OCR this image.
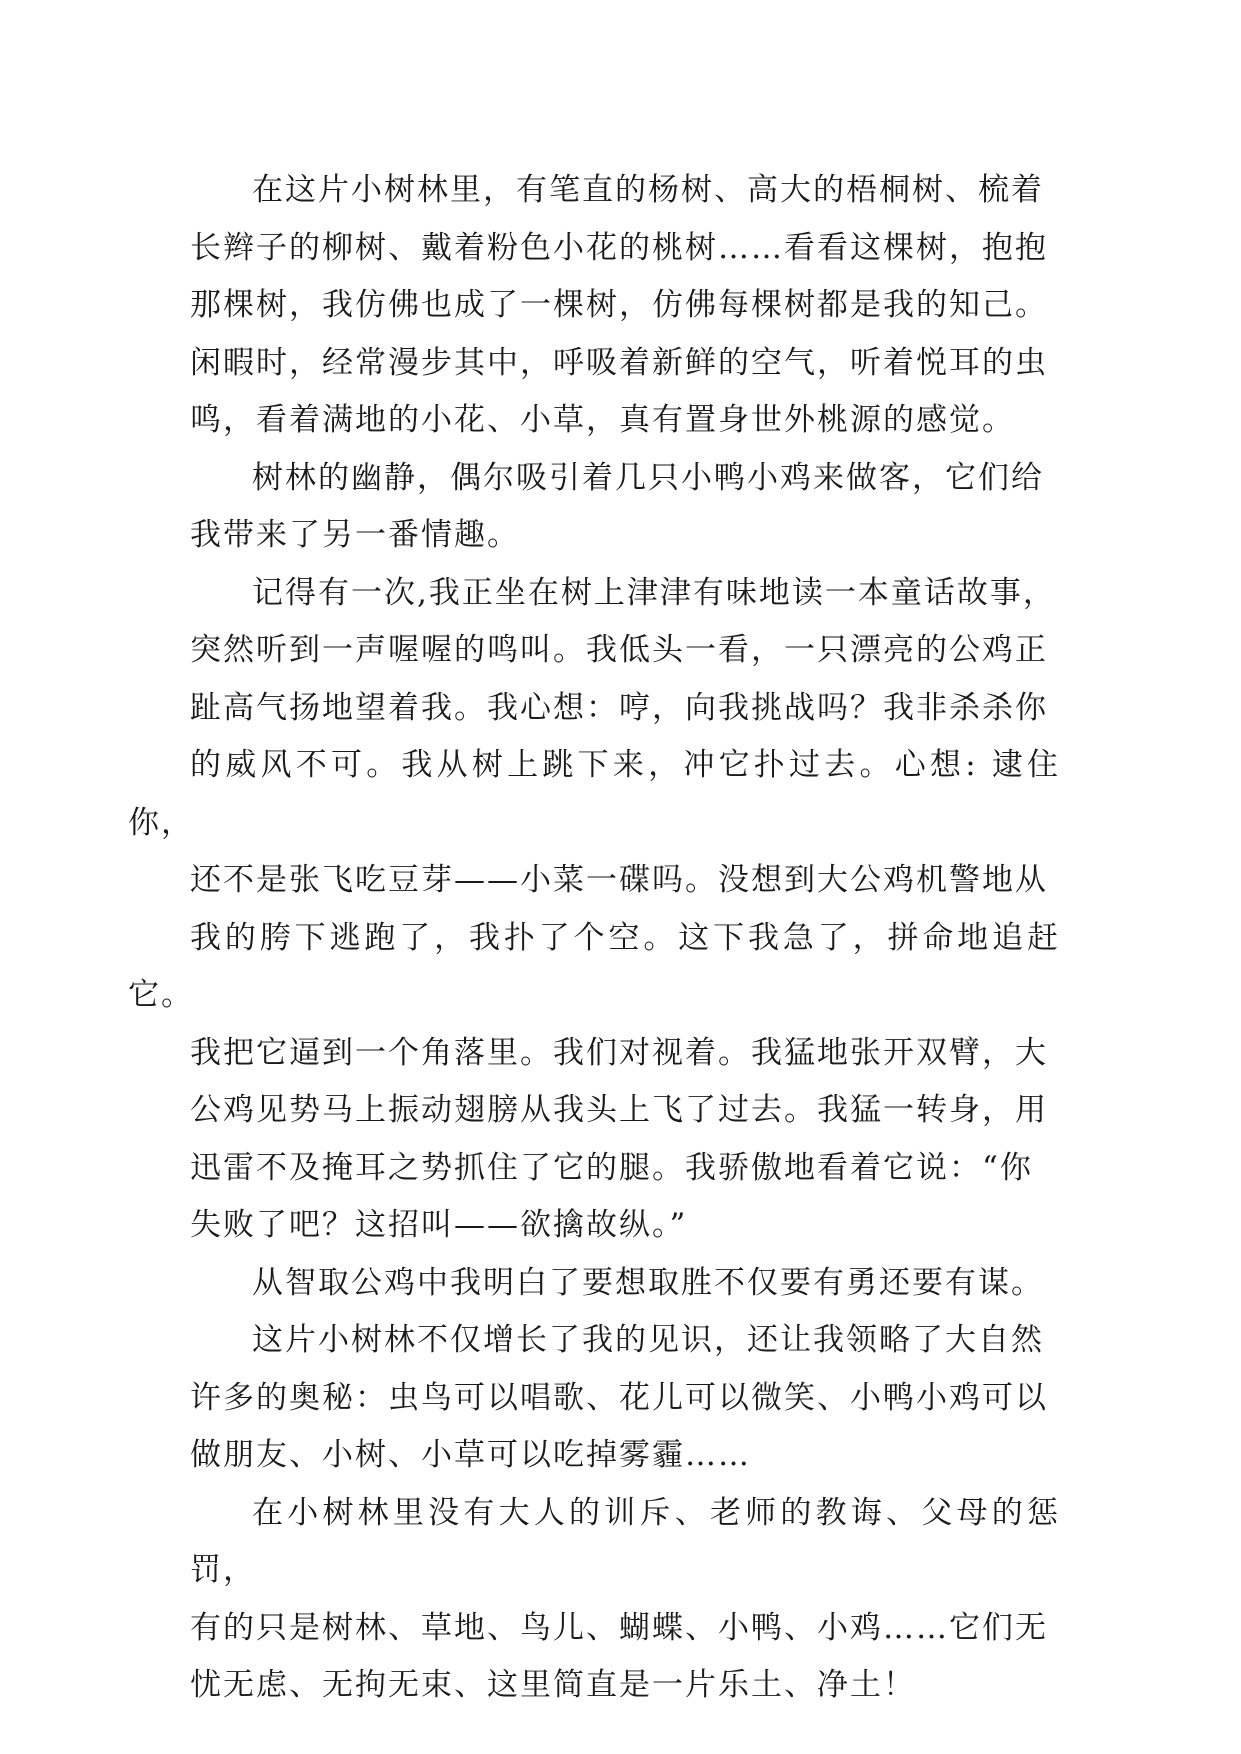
在这片小树林里，有笔直的杨树、高大的梧桐树、梳着
长辫子的柳树、戴着粉色小花的桃树……看看这棵树，抱抱
那棵树，我仿佛也成了一棵树，仿佛每棵树都是我的知己。
闲暇时，经常漫步其中，呼吸着新鲜的空气，听着悦耳的虫
鸣，看着满地的小花、小草，真有置身世外桃源的感觉。

树林的幽静，偶尔吸引着几只小鸭小鸡来做客，它们给
我带来了另一番情趣。

记得有一次,我正坐在树上津津有味地读一本童话故事，
突然听到一声喔喔的鸣叫。我低头一看，一只漂亮的公鸡正
趾高气扬地望着我。我心想：哼，向我挑战吗？我非杀杀你
的威风不可。我从树上跳下来，冲它扑过去。心想: 逮住你，
还不是张飞吃豆芽——小菜一碟吗。没想到大公鸡机警地从
我的胯下逃跑了，我扑了个空。这下我急了，拼命地追赶它。
我把它逼到一个角落里。我们对视着。我猛地张开双臂，大
公鸡见势马上振动翅膀从我头上飞了过去。我猛一转身，用
迅雷不及掩耳之势抓住了它的腿。我骄傲地看着它说：“你
失败了吧？这招叫——欲擒故纵。”

从智取公鸡中我明白了要想取胜不仅要有勇还要有谋。

这片小树林不仅增长了我的见识，还让我领略了大自然
许多的奥秘：虫鸟可以唱歌、花儿可以微笑、小鸭小鸡可以
做朋友、小树、小草可以吃掉雾霾……

在小树林里没有大人的训斥、老师的教诲、父母的惩罚，
有的只是树林、草地、鸟儿、蝴蝶、小鸭、小鸡……它们无
忧无虑、无拘无束、这里简直是一片乐土、净土！
